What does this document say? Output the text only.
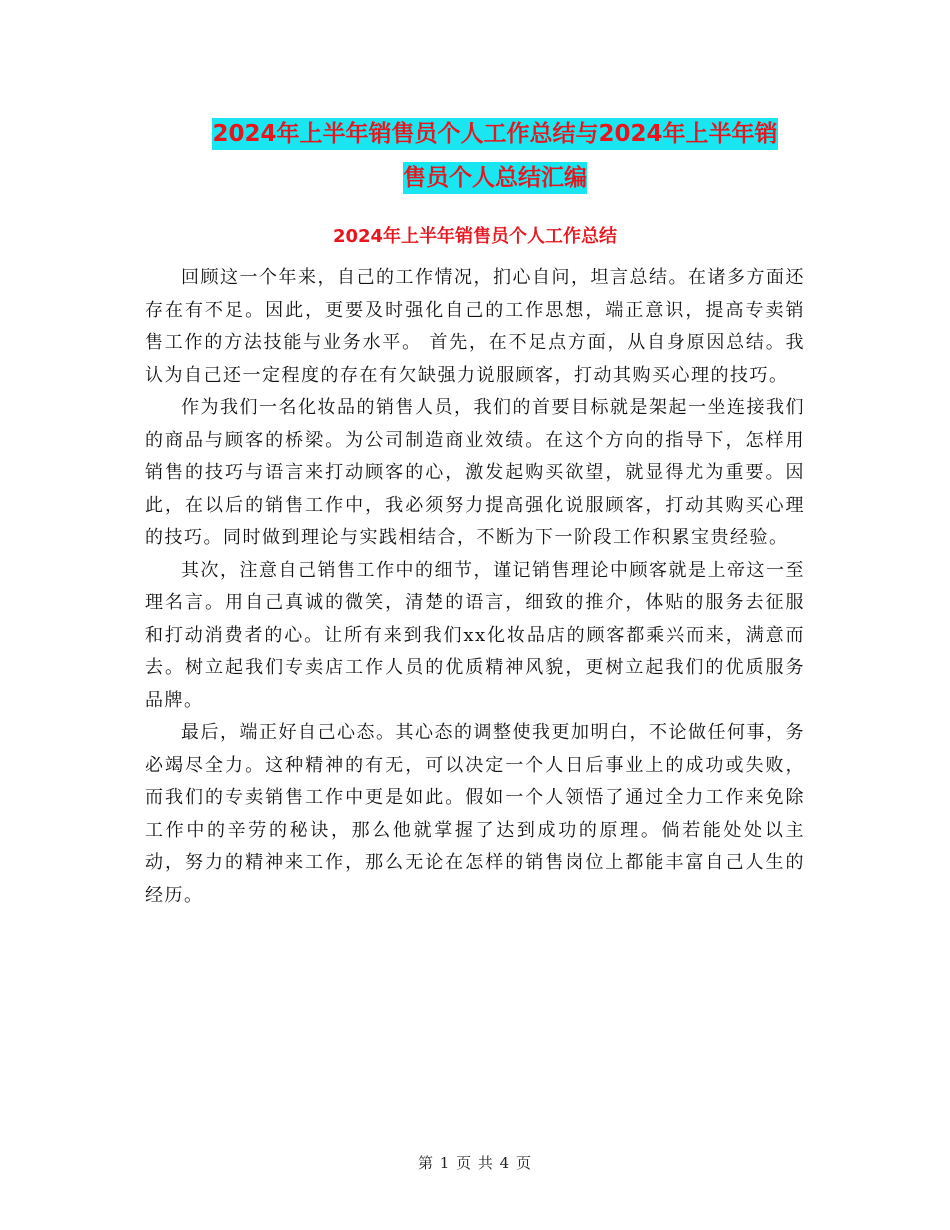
2024年上半年销售员个人工作总结与2024年上半年销
售员个人总结汇编
2024年上半年销售员个人工作总结

回顾这一个年来，自己的工作情况，扪心自问，坦言总结。在诸多方面还存在有不足。因此，更要及时强化自己的工作思想，端正意识，提高专卖销售工作的方法技能与业务水平。 首先，在不足点方面，从自身原因总结。我认为自己还一定程度的存在有欠缺强力说服顾客，打动其购买心理的技巧。

作为我们一名化妆品的销售人员，我们的首要目标就是架起一坐连接我们的商品与顾客的桥梁。为公司制造商业效绩。在这个方向的指导下，怎样用销售的技巧与语言来打动顾客的心，激发起购买欲望，就显得尤为重要。因此，在以后的销售工作中，我必须努力提高强化说服顾客，打动其购买心理的技巧。同时做到理论与实践相结合，不断为下一阶段工作积累宝贵经验。

其次，注意自己销售工作中的细节，谨记销售理论中顾客就是上帝这一至理名言。用自己真诚的微笑，清楚的语言，细致的推介，体贴的服务去征服和打动消费者的心。让所有来到我们xx化妆品店的顾客都乘兴而来，满意而去。树立起我们专卖店工作人员的优质精神风貌，更树立起我们的优质服务品牌。

最后，端正好自己心态。其心态的调整使我更加明白，不论做任何事，务必竭尽全力。这种精神的有无，可以决定一个人日后事业上的成功或失败，而我们的专卖销售工作中更是如此。假如一个人领悟了通过全力工作来免除工作中的辛劳的秘诀，那么他就掌握了达到成功的原理。倘若能处处以主动，努力的精神来工作，那么无论在怎样的销售岗位上都能丰富自己人生的经历。

第 1 页 共 4 页
